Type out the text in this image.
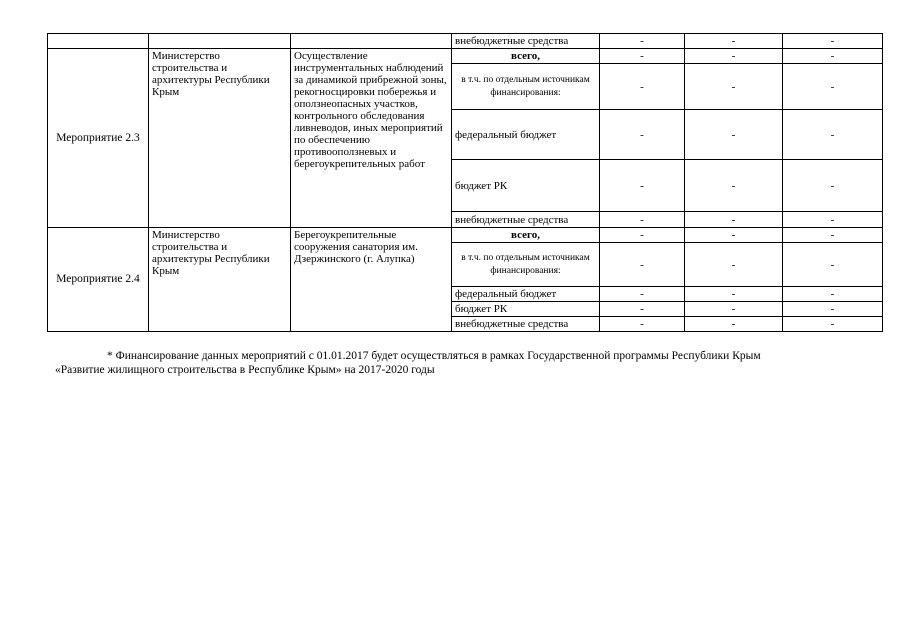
			внебюджетные средства	-	-	-
Мероприятие 2.3	Министерство строительства и архитектуры Республики Крым	Осуществление инструментальных наблюдений за динамикой прибрежной зоны, рекогносцировки побережья и оползнеопасных участков, контрольного обследования ливневодов, иных мероприятий по обеспечению противооползневых и берегоукрепительных работ	всего,	-	-	-
			в т.ч. по отдельным источникам финансирования:	-	-	-
			федеральный бюджет	-	-	-
			бюджет РК	-	-	-
			внебюджетные средства	-	-	-
Мероприятие 2.4	Министерство строительства и архитектуры Республики Крым	Берегоукрепительные сооружения санатория им. Дзержинского (г. Алупка)	всего,	-	-	-
			в т.ч. по отдельным источникам финансирования:	-	-	-
			федеральный бюджет	-	-	-
			бюджет РК	-	-	-
			внебюджетные средства	-	-	-
* Финансирование данных мероприятий с 01.01.2017 будет осуществляться в рамках Государственной программы Республики Крым
«Развитие жилищного строительства в Республике Крым» на 2017-2020 годы
